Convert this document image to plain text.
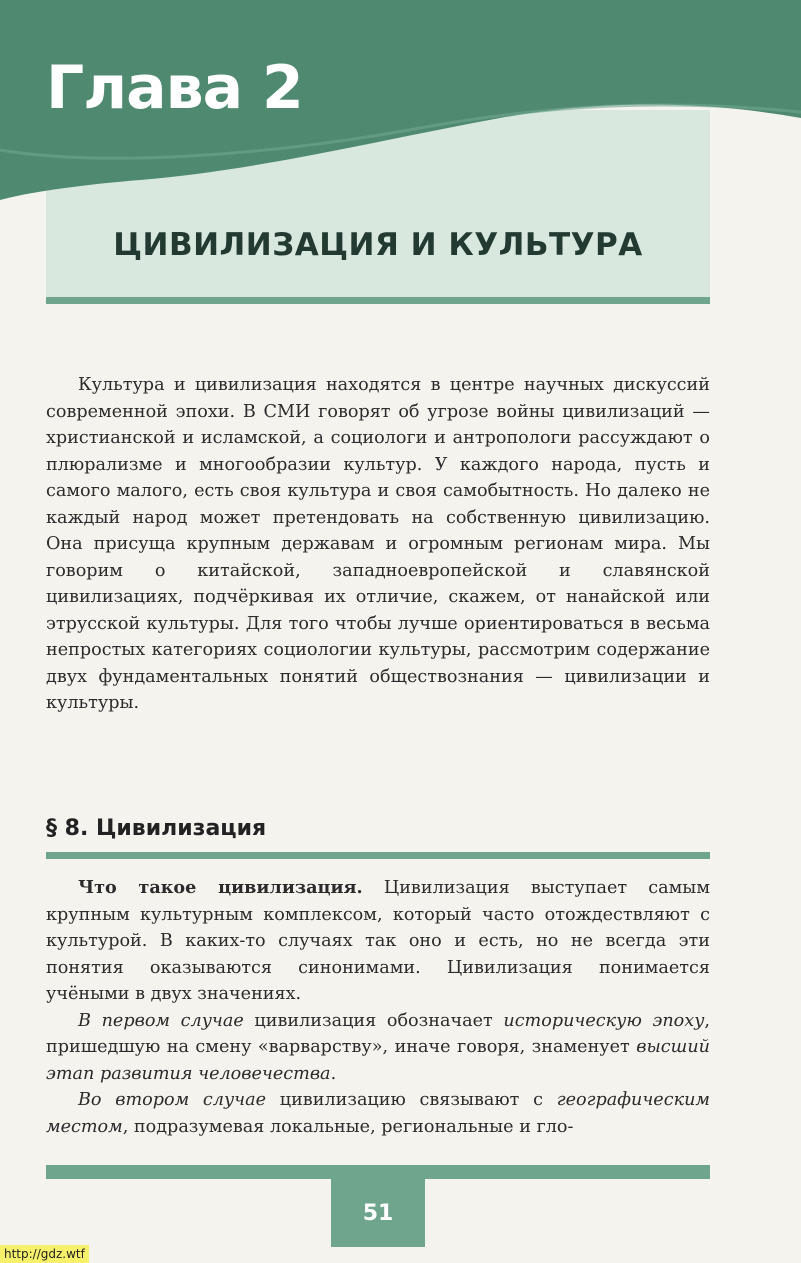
Глава 2
ЦИВИЛИЗАЦИЯ И КУЛЬТУРА

Культура и цивилизация находятся в центре научных дискуссий современной эпохи. В СМИ говорят об угрозе войны цивилизаций — христианской и исламской, а социологи и антропологи рассуждают о плюрализме и многообразии культур. У каждого народа, пусть и самого малого, есть своя культура и своя самобытность. Но далеко не каждый народ может претендовать на собственную цивилизацию. Она присуща крупным державам и огромным регионам мира. Мы говорим о китайской, западноевропейской и славянской цивилизациях, подчёркивая их отличие, скажем, от нанайской или этрусской культуры. Для того чтобы лучше ориентироваться в весьма непростых категориях социологии культуры, рассмотрим содержание двух фундаментальных понятий обществознания — цивилизации и культуры.

§ 8. Цивилизация

Что такое цивилизация. Цивилизация выступает самым крупным культурным комплексом, который часто отождествляют с культурой. В каких-то случаях так оно и есть, но не всегда эти понятия оказываются синонимами. Цивилизация понимается учёными в двух значениях.

В первом случае цивилизация обозначает историческую эпоху, пришедшую на смену «варварству», иначе говоря, знаменует высший этап развития человечества.

Во втором случае цивилизацию связывают с географическим местом, подразумевая локальные, региональные и гло-

51
http://gdz.wtf
